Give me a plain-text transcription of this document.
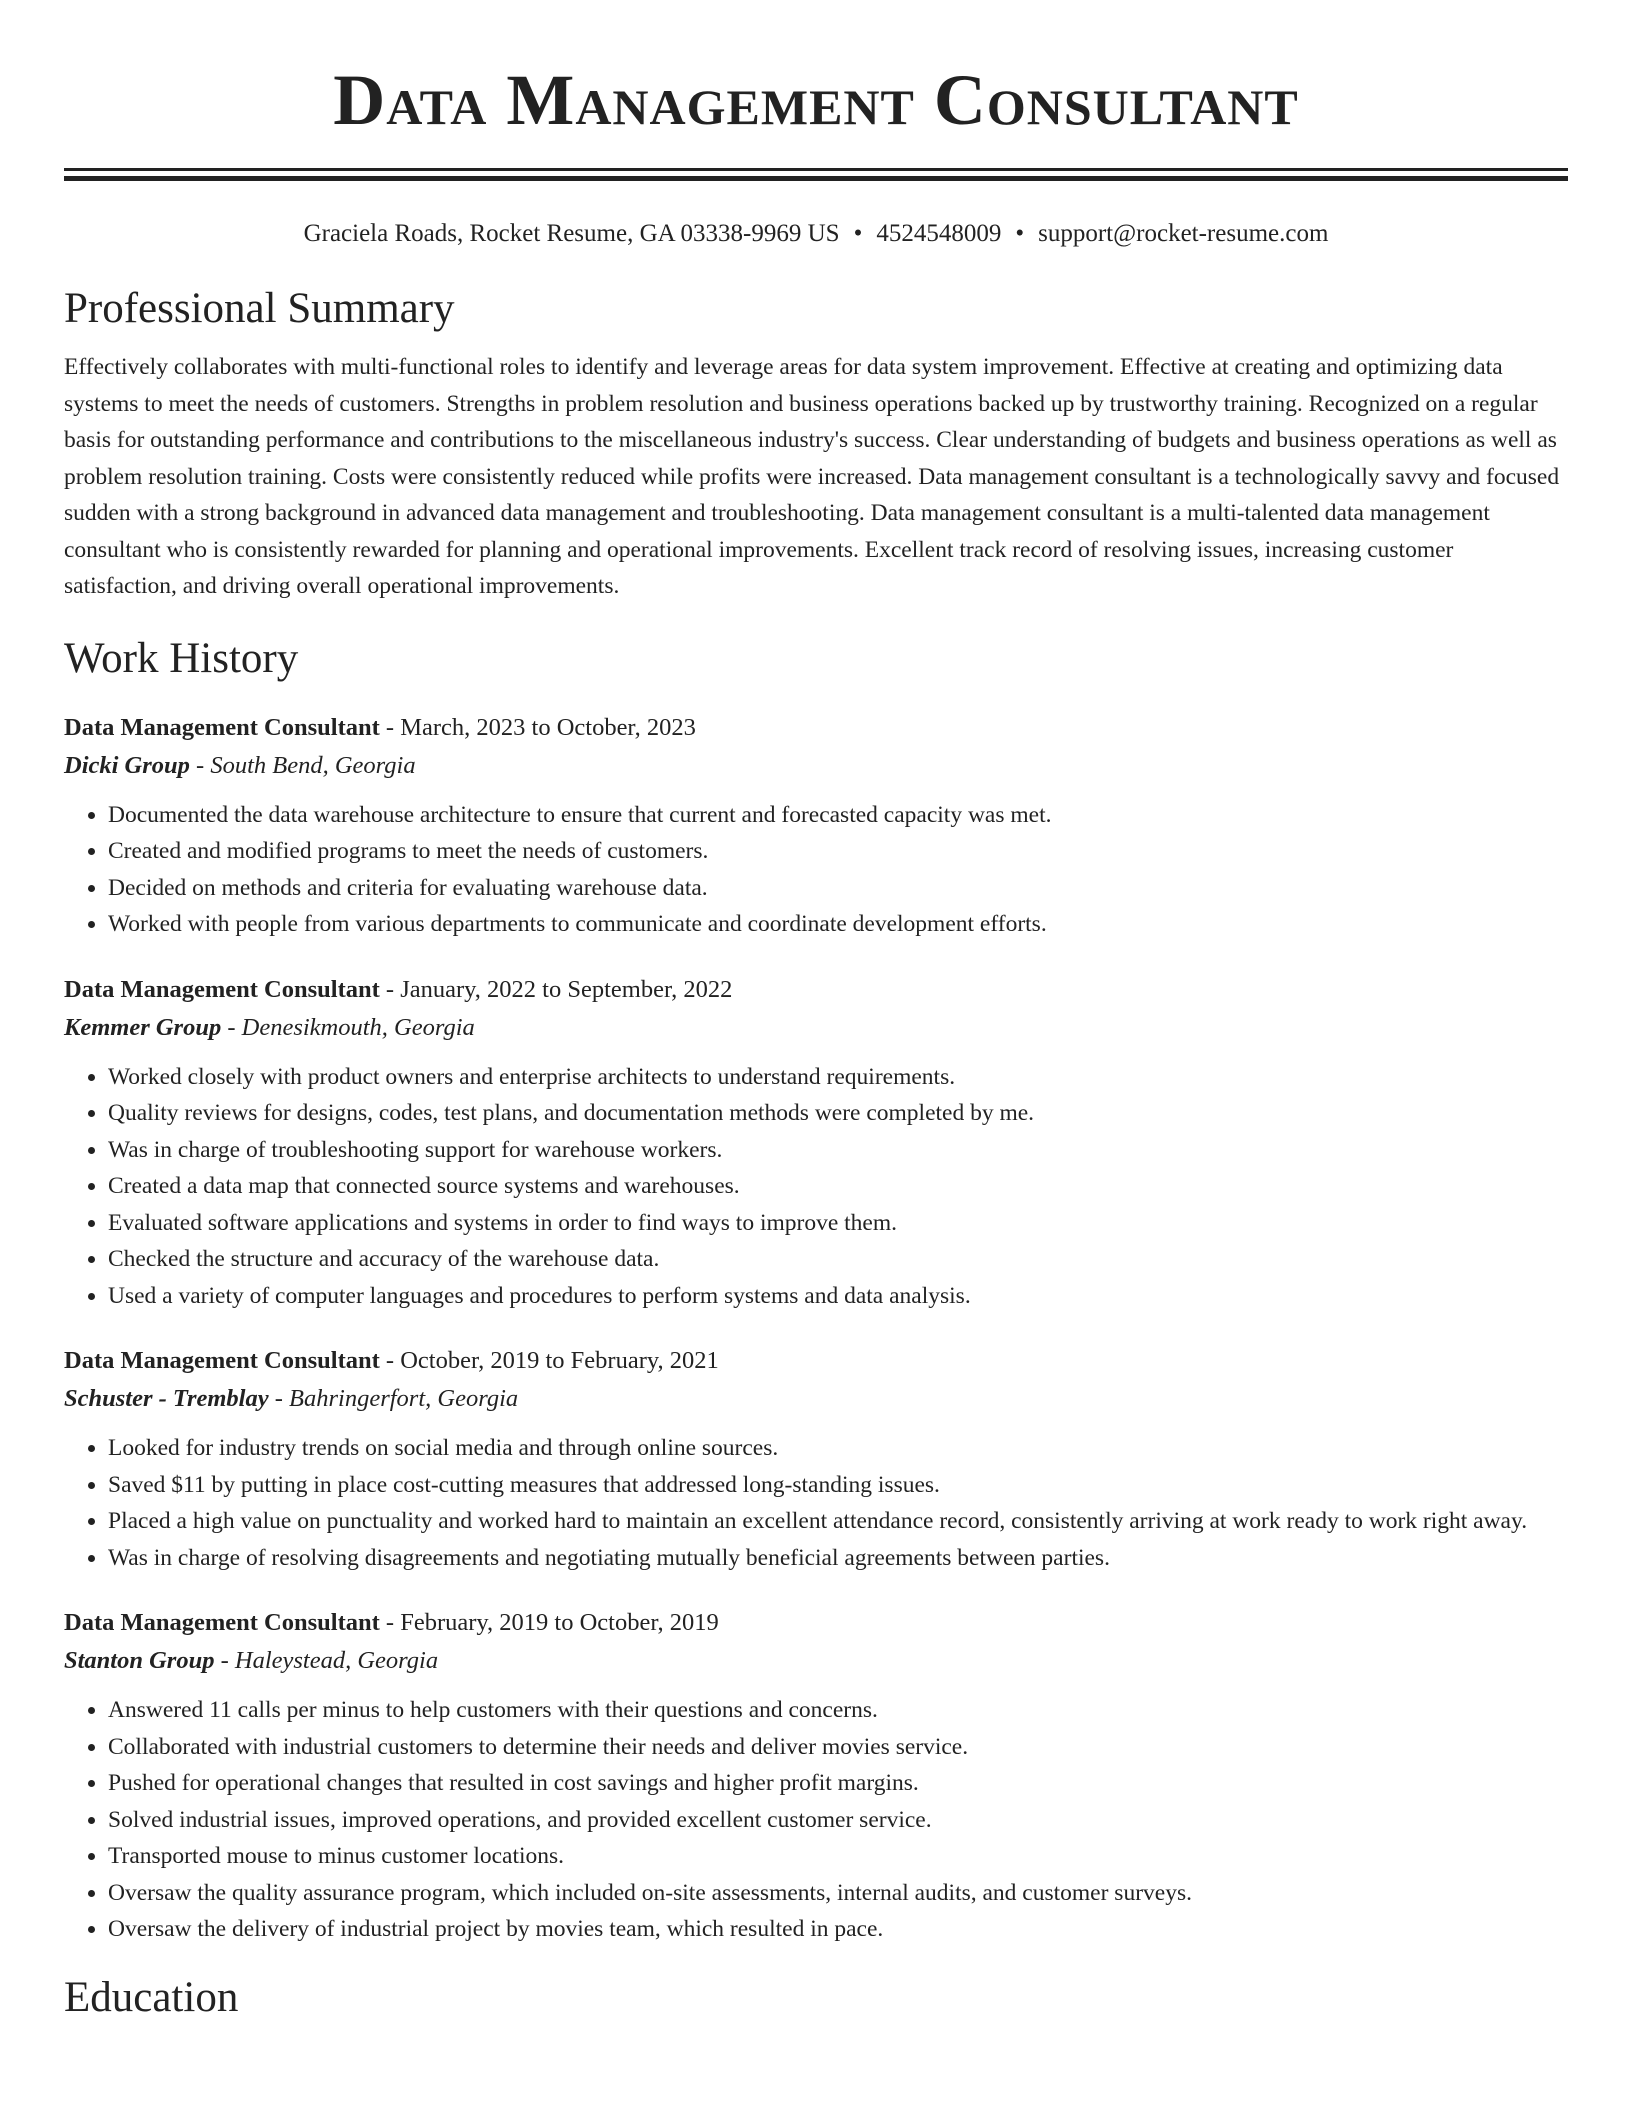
Data Management Consultant
Graciela Roads, Rocket Resume, GA 03338-9969 US • 4524548009 • support@rocket-resume.com
Professional Summary

Effectively collaborates with multi-functional roles to identify and leverage areas for data system improvement. Effective at creating and optimizing data systems to meet the needs of customers. Strengths in problem resolution and business operations backed up by trustworthy training. Recognized on a regular basis for outstanding performance and contributions to the miscellaneous industry's success. Clear understanding of budgets and business operations as well as problem resolution training. Costs were consistently reduced while profits were increased. Data management consultant is a technologically savvy and focused sudden with a strong background in advanced data management and troubleshooting. Data management consultant is a multi-talented data management consultant who is consistently rewarded for planning and operational improvements. Excellent track record of resolving issues, increasing customer satisfaction, and driving overall operational improvements.

Work History
Data Management Consultant - March, 2023 to October, 2023
Dicki Group - South Bend, Georgia
• Documented the data warehouse architecture to ensure that current and forecasted capacity was met.
• Created and modified programs to meet the needs of customers.
• Decided on methods and criteria for evaluating warehouse data.
• Worked with people from various departments to communicate and coordinate development efforts.
Data Management Consultant - January, 2022 to September, 2022
Kemmer Group - Denesikmouth, Georgia
• Worked closely with product owners and enterprise architects to understand requirements.
• Quality reviews for designs, codes, test plans, and documentation methods were completed by me.
• Was in charge of troubleshooting support for warehouse workers.
• Created a data map that connected source systems and warehouses.
• Evaluated software applications and systems in order to find ways to improve them.
• Checked the structure and accuracy of the warehouse data.
• Used a variety of computer languages and procedures to perform systems and data analysis.
Data Management Consultant - October, 2019 to February, 2021
Schuster - Tremblay - Bahringerfort, Georgia
• Looked for industry trends on social media and through online sources.
• Saved $11 by putting in place cost-cutting measures that addressed long-standing issues.
• Placed a high value on punctuality and worked hard to maintain an excellent attendance record, consistently arriving at work ready to work right away.
• Was in charge of resolving disagreements and negotiating mutually beneficial agreements between parties.
Data Management Consultant - February, 2019 to October, 2019
Stanton Group - Haleystead, Georgia
• Answered 11 calls per minus to help customers with their questions and concerns.
• Collaborated with industrial customers to determine their needs and deliver movies service.
• Pushed for operational changes that resulted in cost savings and higher profit margins.
• Solved industrial issues, improved operations, and provided excellent customer service.
• Transported mouse to minus customer locations.
• Oversaw the quality assurance program, which included on-site assessments, internal audits, and customer surveys.
• Oversaw the delivery of industrial project by movies team, which resulted in pace.
Education
